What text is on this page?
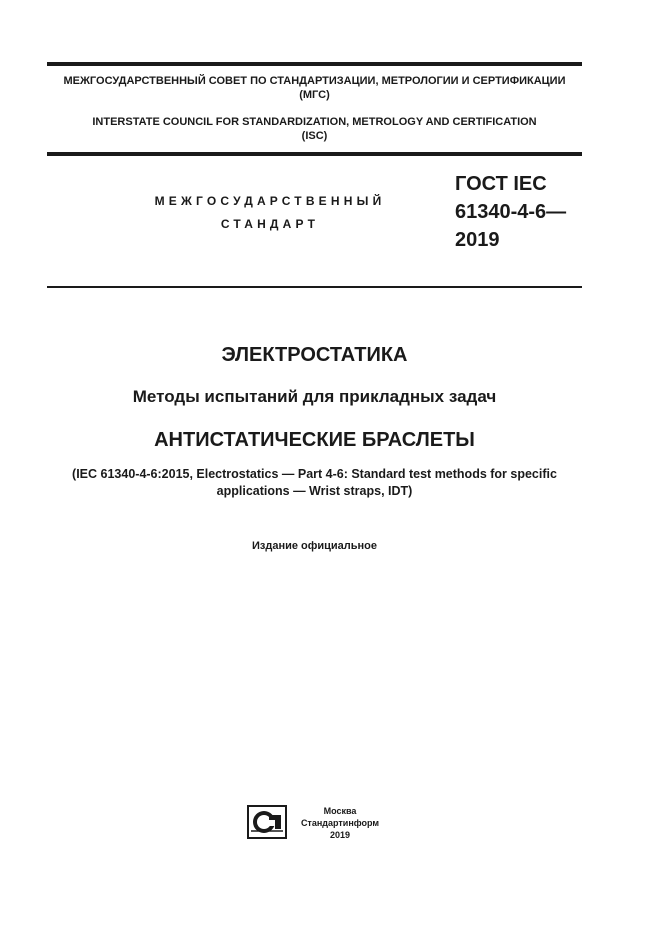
МЕЖГОСУДАРСТВЕННЫЙ СОВЕТ ПО СТАНДАРТИЗАЦИИ, МЕТРОЛОГИИ И СЕРТИФИКАЦИИ
(МГС)
INTERSTATE COUNCIL FOR STANDARDIZATION, METROLOGY AND CERTIFICATION
(ISC)
МЕЖГОСУДАРСТВЕННЫЙ
СТАНДАРТ
ГОСТ IEC
61340-4-6—
2019
ЭЛЕКТРОСТАТИКА
Методы испытаний для прикладных задач
АНТИСТАТИЧЕСКИЕ БРАСЛЕТЫ
(IEC 61340-4-6:2015, Electrostatics — Part 4-6: Standard test methods for specific
applications — Wrist straps, IDT)
Издание официальное
Москва
Стандартинформ
2019
